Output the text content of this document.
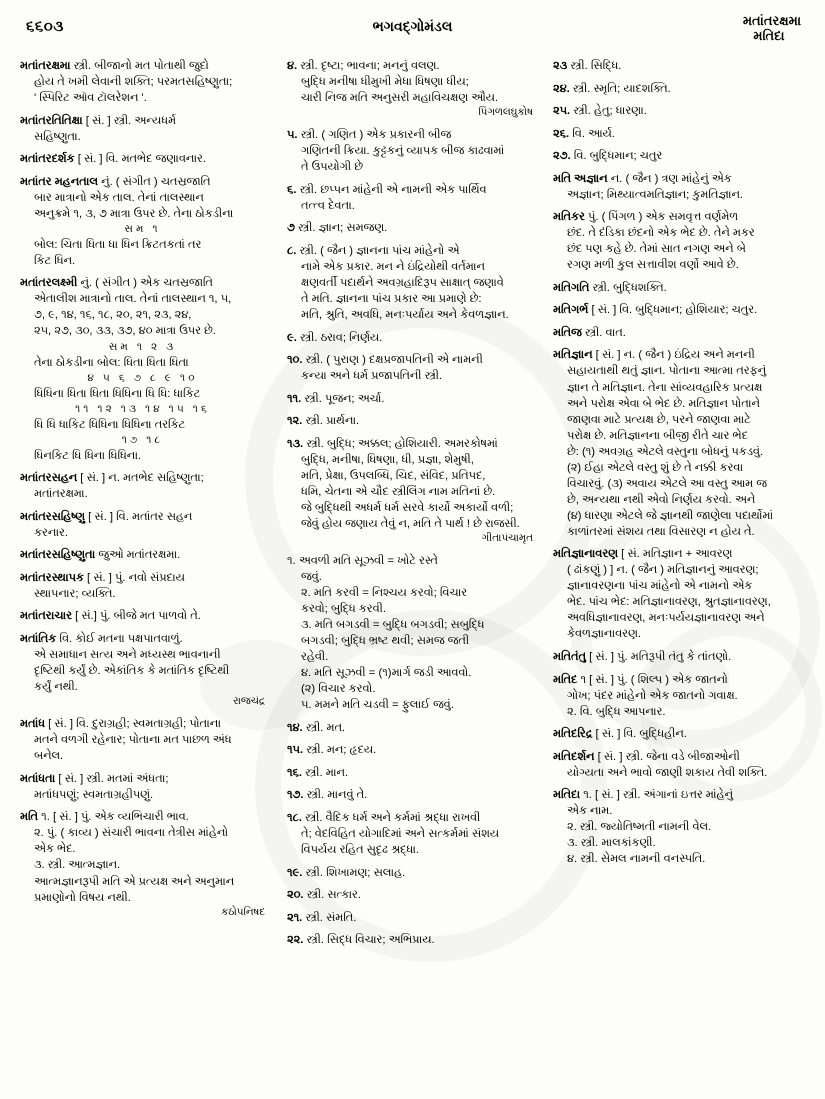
૬૬૦૩	ભગવદ્ગોમંડલ	મતાંતરક્ષમા
મતિદા

મતાંતરક્ષમા સ્ત્રી. બીજાનો મત પોતાથી જુદો

હોય તે ખમી લેવાની શક્તિ; પરમતસહિષ્ણુતા;

' સ્પિરિટ ઑવ ટૉલરેશન '.

મતાંતરતિતિક્ષા [ સં. ] સ્ત્રી. અન્યધર્મ

સહિષ્ણુતા.

મતાંતરદર્શક [ સં. ] વિ. મતભેદ જણાવનાર.

મતાંતર મહનતાલ નું. ( સંગીત ) ચતસ્રજાતિ

બાર માત્રાનો એક તાલ. તેનાં તાલસ્થાન

અનુક્રમે ૧, ૩, ૭ માત્રા ઉપર છે. તેના ઠોકડીના

સમ ૧

બોલ: ચિતા ધિતા ધા ધિન ક્રિટતકતાં તર

કિટ ધિન.

મતાંતરલક્ષ્મી નું. ( સંગીત ) એક ચતસ્રજાતિ

એતાલીશ માત્રાનો તાલ. તેનાં તાલસ્થાન ૧, ૫,

૭, ૯, ૧૪, ૧૬, ૧૮, ૨૦, ૨૧, ૨૩, ૨૪,

૨૫, ૨૭, ૩૦, ૩૩, ૩૭, ૪૦ માત્રા ઉપર છે.

સમ ૧ ૨ ૩

તેના ઠોકડીના બોલ: ધિતા ધિતા ધિતા

૪ ૫ ૬ ૭ ૮ ૯ ૧૦

ધિધિના ધિતા ધિતા ધિધિના ધિ ધિ: ધાકિટ

૧૧ ૧૨ ૧૩ ૧૪ ૧૫ ૧૬

ધિ ધિ ધાકિટ ધિધિના ધિધિના તરકિટ

૧૭ ૧૮

ધિનકિટ ધિ ધિના ધિધિના.

મતાંતરસહન [ સં. ] ન. મતભેદ સહિષ્ણુતા;

મતાંતરક્ષમા.

મતાંતરસહિષ્ણુ [ સં. ] વિ. મતાંતર સહન

કરનાર.

મતાંતરસહિષ્ણુતા જુઓ મતાંતરક્ષમા.

મતાંતરસ્થાપક [ સં. ] પું. નવો સંપ્રદાય

સ્થાપનાર; વ્યક્તિ.

મતાંતરાચાર [ સં.] પું. બીજે મત પાળવો તે.

મતાંતિક વિ. કોઈ મતના પક્ષપાતવાળું.

એ સમાધાન સત્ય અને મધ્યસ્થ ભાવનાની

દૃષ્ટિથી કર્યું છે. એકાંતિક કે મતાંતિક દૃષ્ટિથી

કર્યું નથી.

રાજચંદ્ર

મતાંધ [ સં. ] વિ. દુરાગ્રહી; સ્વમતાગ્રહી; પોતાના

મતને વળગી રહેનાર; પોતાના મત પાછળ અંધ

બનેલ.

મતાંધતા [ સં. ] સ્ત્રી. મતમાં અંધતા;

મતાંધપણું; સ્વમતાગ્રહીપણું.

મતિ ૧. [ સં. ] પું. એક વ્યભિચારી ભાવ.

૨. પું. ( કાવ્ય ) સંચારી ભાવના તેત્રીસ માંહેનો

એક ભેદ.

૩. સ્ત્રી. આત્મજ્ઞાન.

આત્મજ્ઞાનરૂપી મતિ એ પ્રત્યક્ષ અને અનુમાન

પ્રમાણોનો વિષય નથી.

કઠોપનિષદ

૪. સ્ત્રી. દૃષ્ટા; ભાવના; મનનું વલણ.

બુદ્ધિ મનીષા ધીમુખી મેધા ધિષણા ધીય;

ચારી નિજ મતિ અનુસરી મહાવિચક્ષણ ઔય.

પિંગળલઘુકોષ

૫. સ્ત્રી. ( ગણિત ) એક પ્રકારની બીજ

ગણિતની ક્રિયા. કુટ્ટકનું વ્યાપક બીજ કાઢવામાં

તે ઉપયોગી છે

૬. સ્ત્રી. છપ્પન માંહેની એ નામની એક પાર્થિવ

તત્ત્વ દેવતા.

૭ સ્ત્રી. જ્ઞાન; સમજણ.

૮. સ્ત્રી. ( જૈન ) જ્ઞાનના પાંચ માંહેનો એ

નામે એક પ્રકાર. મન ને ઇંદ્રિયોથી વર્તમાન

ક્ષણવર્તી પદાર્થને અવગ્રહાદિરૂપ સાક્ષાત્ જણાવે

તે મતિ. જ્ઞાનના પાંચ પ્રકાર આ પ્રમાણે છે:

મતિ, શ્રુતિ, અવધિ, મનઃપર્યાય અને કેવળજ્ઞાન.

૯. સ્ત્રી. ઠરાવ; નિર્ણય.

૧૦. સ્ત્રી. ( પુરાણ ) દક્ષપ્રજાપતિની એ નામની

કન્યા અને ધર્મ પ્રજાપતિની સ્ત્રી.

૧૧. સ્ત્રી. પૂજન; અર્ચા.

૧૨. સ્ત્રી. પ્રાર્થના.

૧૩. સ્ત્રી. બુદ્ધિ; અક્કલ; હોશિયારી. અમરકોષમાં

બુદ્ધિ, મનીષા, ધિષણા, ધી, પ્રજ્ઞા, શેમુષી,

મતિ, પ્રેક્ષા, ઉપલબ્ધિ, ચિદ, સંવિદ, પ્રતિપદ,

ધમિ, ચેતના એ ચૌદ સ્ત્રીલિંગ નામ મતિનાં છે.

જે બુદ્ધિથી અધર્મ ધર્મ સરવે કાર્યો અકાર્યો વળી;

જેવું હોય જણાય તેવું ન, મતિ તે પાર્થ ! છે રાજસી.

ગીતાપંચામૃત

૧. અવળી મતિ સૂઝવી = ખોટે રસ્તે

જવું.

૨. મતિ કરવી = નિશ્ચય કરવો; વિચાર

કરવો; બુદ્ધિ કરવી.

૩. મતિ બગડવી = બુદ્ધિ બગડવી; સબુદ્ધિ

બગડવી; બુદ્ધિ ભ્રષ્ટ થવી; સમજ જતી

રહેવી.

૪. મતિ સૂઝવી = (૧)માર્ગ જડી આવવો.

(૨) વિચાર કરવો.

૫. મમને મતિ ચડવી = ફુલાઈ જવું.

૧૪. સ્ત્રી. મત.

૧૫. સ્ત્રી. મન; હૃદય.

૧૬. સ્ત્રી. માન.

૧૭. સ્ત્રી. માનવું તે.

૧૮. સ્ત્રી. વૈદિક ધર્મ અને કર્મમાં શ્રદ્ધા રાખવી

તે; વેદવિહિત યોગાદિમાં અને સત્કર્મમાં સંશય

વિપર્યય રહિત સુદૃઢ શ્રદ્ધા.

૧૯. સ્ત્રી. શિખામણ; સલાહ.

૨૦. સ્ત્રી. સત્કાર.

૨૧. સ્ત્રી. સંમતિ.

૨૨. સ્ત્રી. સિદ્ધ વિચાર; અભિપ્રાય.

૨૩ સ્ત્રી. સિદ્ધિ.

૨૪. સ્ત્રી. સ્મૃતિ; યાદશક્તિ.

૨૫. સ્ત્રી. હેતુ; ધારણા.

૨૬. વિ. આર્ય.

૨૭. વિ. બુદ્ધિમાન; ચતુર

મતિ અજ્ઞાન ન. ( જૈન ) ત્રણ માંહેનું એક

અજ્ઞાન; મિથ્યાત્વમતિજ્ઞાન; કુમતિજ્ઞાન.

મતિકર પું. ( પિંગળ ) એક સમવૃત્ત વર્ણમેળ

છંદ. તે દંડિકા છંદનો એક ભેદ છે. તેને મકર

છંદ પણ કહે છે. તેમાં સાત નગણ અને બે

રગણ મળી કુલ સત્તાવીશ વર્ણો આવે છે.

મતિગતિ સ્ત્રી. બુદ્ધિશક્તિ.

મતિગર્ભ [ સં. ] વિ. બુદ્ધિમાન; હોશિયાર; ચતુર.

મતિજ સ્ત્રી. વાત.

મતિજ્ઞાન [ સં. ] ન. ( જૈન ) ઇંદ્રિય અને મનની

સહાયતાથી થતું જ્ઞાન. પોતાના આત્મા તરફનું

જ્ઞાન તે મતિજ્ઞાન. તેના સાંવ્યવહારિક પ્રત્યક્ષ

અને પરોક્ષ એવા બે ભેદ છે. મતિજ્ઞાન પોતાને

જાણવા માટે પ્રત્યક્ષ છે, પરને જાણવા માટે

પરોક્ષ છે. મતિજ્ઞાનના બીજી રીતે ચાર ભેદ

છે: (૧) અવગ્રહ એટલે વસ્તુના બોધનું પકડવું.

(૨) ઈહા એટલે વસ્તુ શું છે તે નક્કી કરવા

વિચારવું. (૩) અવાય એટલે આ વસ્તુ આમ જ

છે, અન્યથા નથી એવો નિર્ણય કરવો. અને

(૪) ધારણા એટલે જે જ્ઞાનથી જાણેલા પદાર્થોમાં

કાળાંતરમાં સંશય તથા વિસારણ ન હોય તે.

મતિજ્ઞાનાવરણ [ સં. મતિજ્ઞાન + આવરણ

( ઢાંકણું ) ] ન. ( જૈન ) મતિજ્ઞાનનું આવરણ;

જ્ઞાનાવરણના પાંચ માંહેનો એ નામનો એક

ભેદ. પાંચ ભેદ: મતિજ્ઞાનાવરણ, શ્રુતજ્ઞાનાવરણ,

અવધિજ્ઞાનાવરણ, મનઃપર્યયજ્ઞાનાવરણ અને

કેવળજ્ઞાનાવરણ.

મતિતંતુ [ સં. ] પું. મતિરૂપી તંતુ કે તાંતણો.

મતિદ ૧ [ સં. ] પું. ( શિલ્પ ) એક જાતનો

ગોખ; પંદર માંહેનો એક જાતનો ગવાક્ષ.

૨. વિ. બુદ્ધિ આપનાર.

મતિદરિદ્ર [ સં. ] વિ. બુદ્ધિહીન.

મતિદર્શન [ સં. ] સ્ત્રી. જેના વડે બીજાઓની

યોગ્યતા અને ભાવો જાણી શકાય તેવી શક્તિ.

મતિદા ૧. [ સં. ] સ્ત્રી. અંગાનાં ઇત્તર માંહેનું

એક નામ.

૨. સ્ત્રી. જ્યોતિષ્મતી નામની વેલ.

૩. સ્ત્રી. માલકાંકણી.

૪. સ્ત્રી. સેમલ નામની વનસ્પતિ.
